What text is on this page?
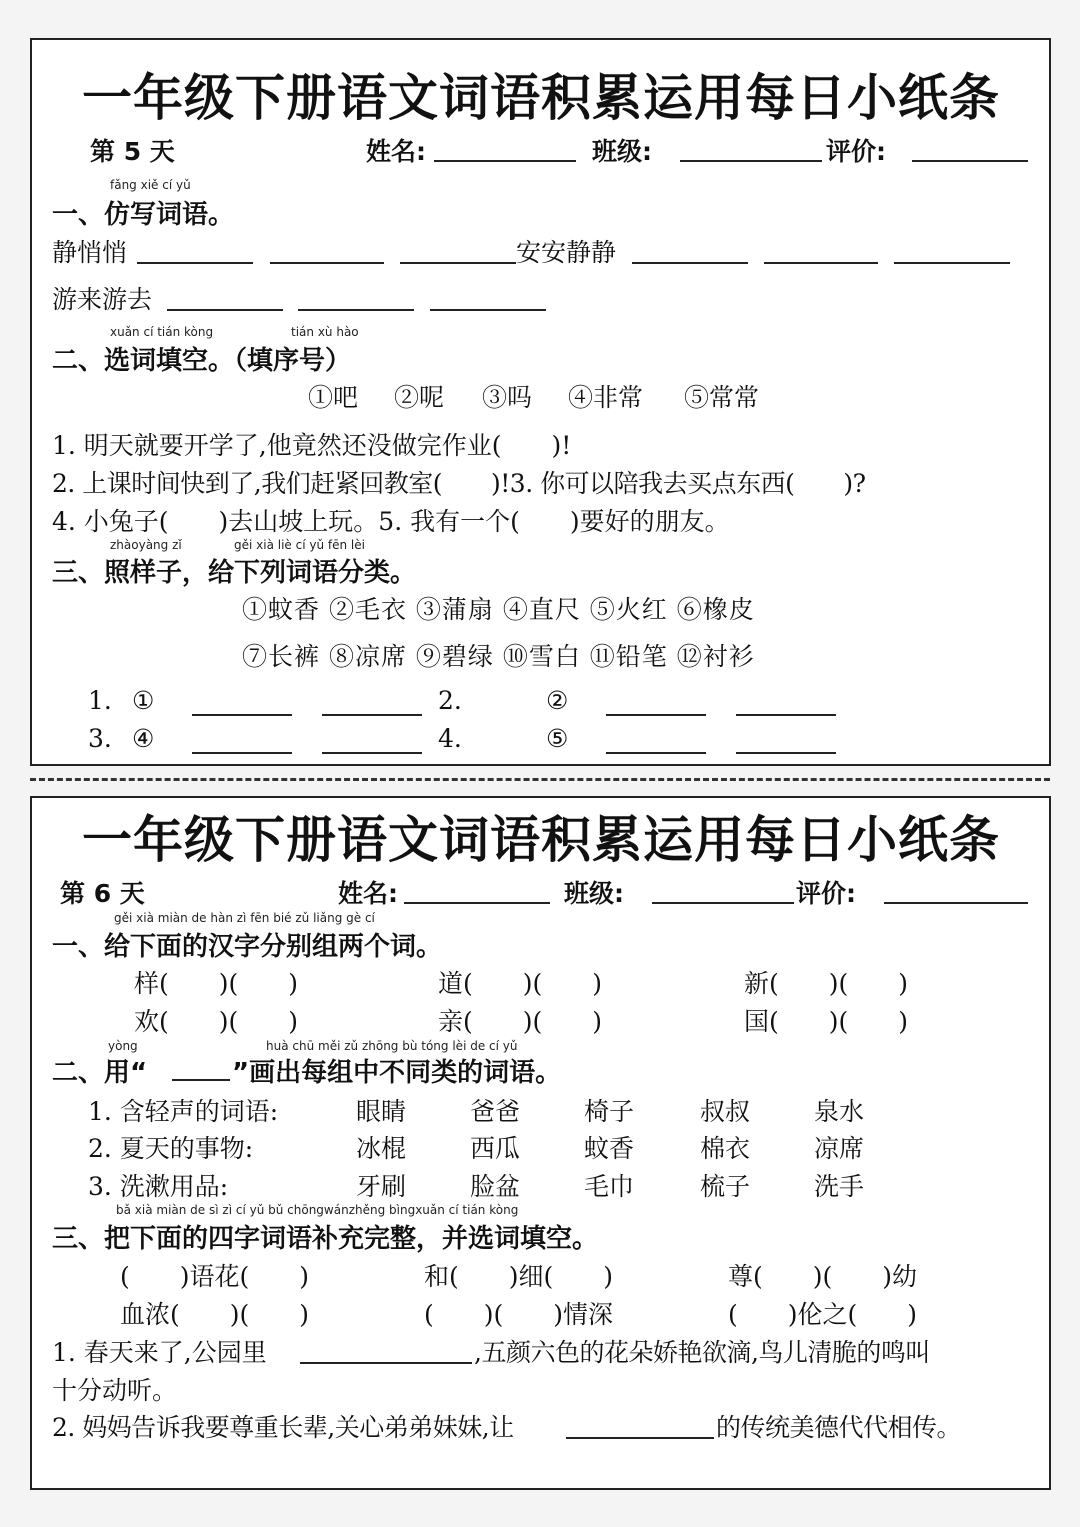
一年级下册语文词语积累运用每日小纸条
第 5 天	姓名:	班级:	评价:
fǎng xiě cí yǔ
一、仿写词语。
静悄悄	安安静静
游来游去
xuǎn cí tián kòng	tián xù hào
二、选词填空。（填序号）
①吧 ②呢 ③吗 ④非常 ⑤常常
1. 明天就要开学了,他竟然还没做完作业(　　)!
2. 上课时间快到了,我们赶紧回教室(　　)!3. 你可以陪我去买点东西(　　)?
4. 小兔子(　　)去山坡上玩。5. 我有一个(　　)要好的朋友。
zhàoyàng zǐ	gěi xià liè cí yǔ fēn lèi
三、照样子，给下列词语分类。
①蚊香 ②毛衣 ③蒲扇 ④直尺 ⑤火红 ⑥橡皮
⑦长裤 ⑧凉席 ⑨碧绿 ⑩雪白 ⑪铅笔 ⑫衬衫
1. ①	2.	②
3. ④	4.	⑤
一年级下册语文词语积累运用每日小纸条
第 6 天	姓名:	班级:	评价:
gěi xià miàn de hàn zì fēn bié zǔ liǎng gè cí
一、给下面的汉字分别组两个词。
样(　　)(　　)	道(　　)(　　)	新(　　)(　　)
欢(　　)(　　)	亲(　　)(　　)	国(　　)(　　)
yòng	huà chū měi zǔ zhōng bù tóng lèi de cí yǔ
二、用“	”画出每组中不同类的词语。
1. 含轻声的词语:	眼睛	爸爸	椅子	叔叔	泉水
2. 夏天的事物:	冰棍	西瓜	蚊香	棉衣	凉席
3. 洗漱用品:	牙刷	脸盆	毛巾	梳子	洗手
bǎ xià miàn de sì zì cí yǔ bǔ chōngwánzhěng bìngxuǎn cí tián kòng
三、把下面的四字词语补充完整，并选词填空。
(　　)语花(　　)	和(　　)细(　　)	尊(　　)(　　)幼
血浓(　　)(　　)	(　　)(　　)情深	(　　)伦之(　　)
1. 春天来了,公园里	,五颜六色的花朵娇艳欲滴,鸟儿清脆的鸣叫
十分动听。
2. 妈妈告诉我要尊重长辈,关心弟弟妹妹,让	的传统美德代代相传。
